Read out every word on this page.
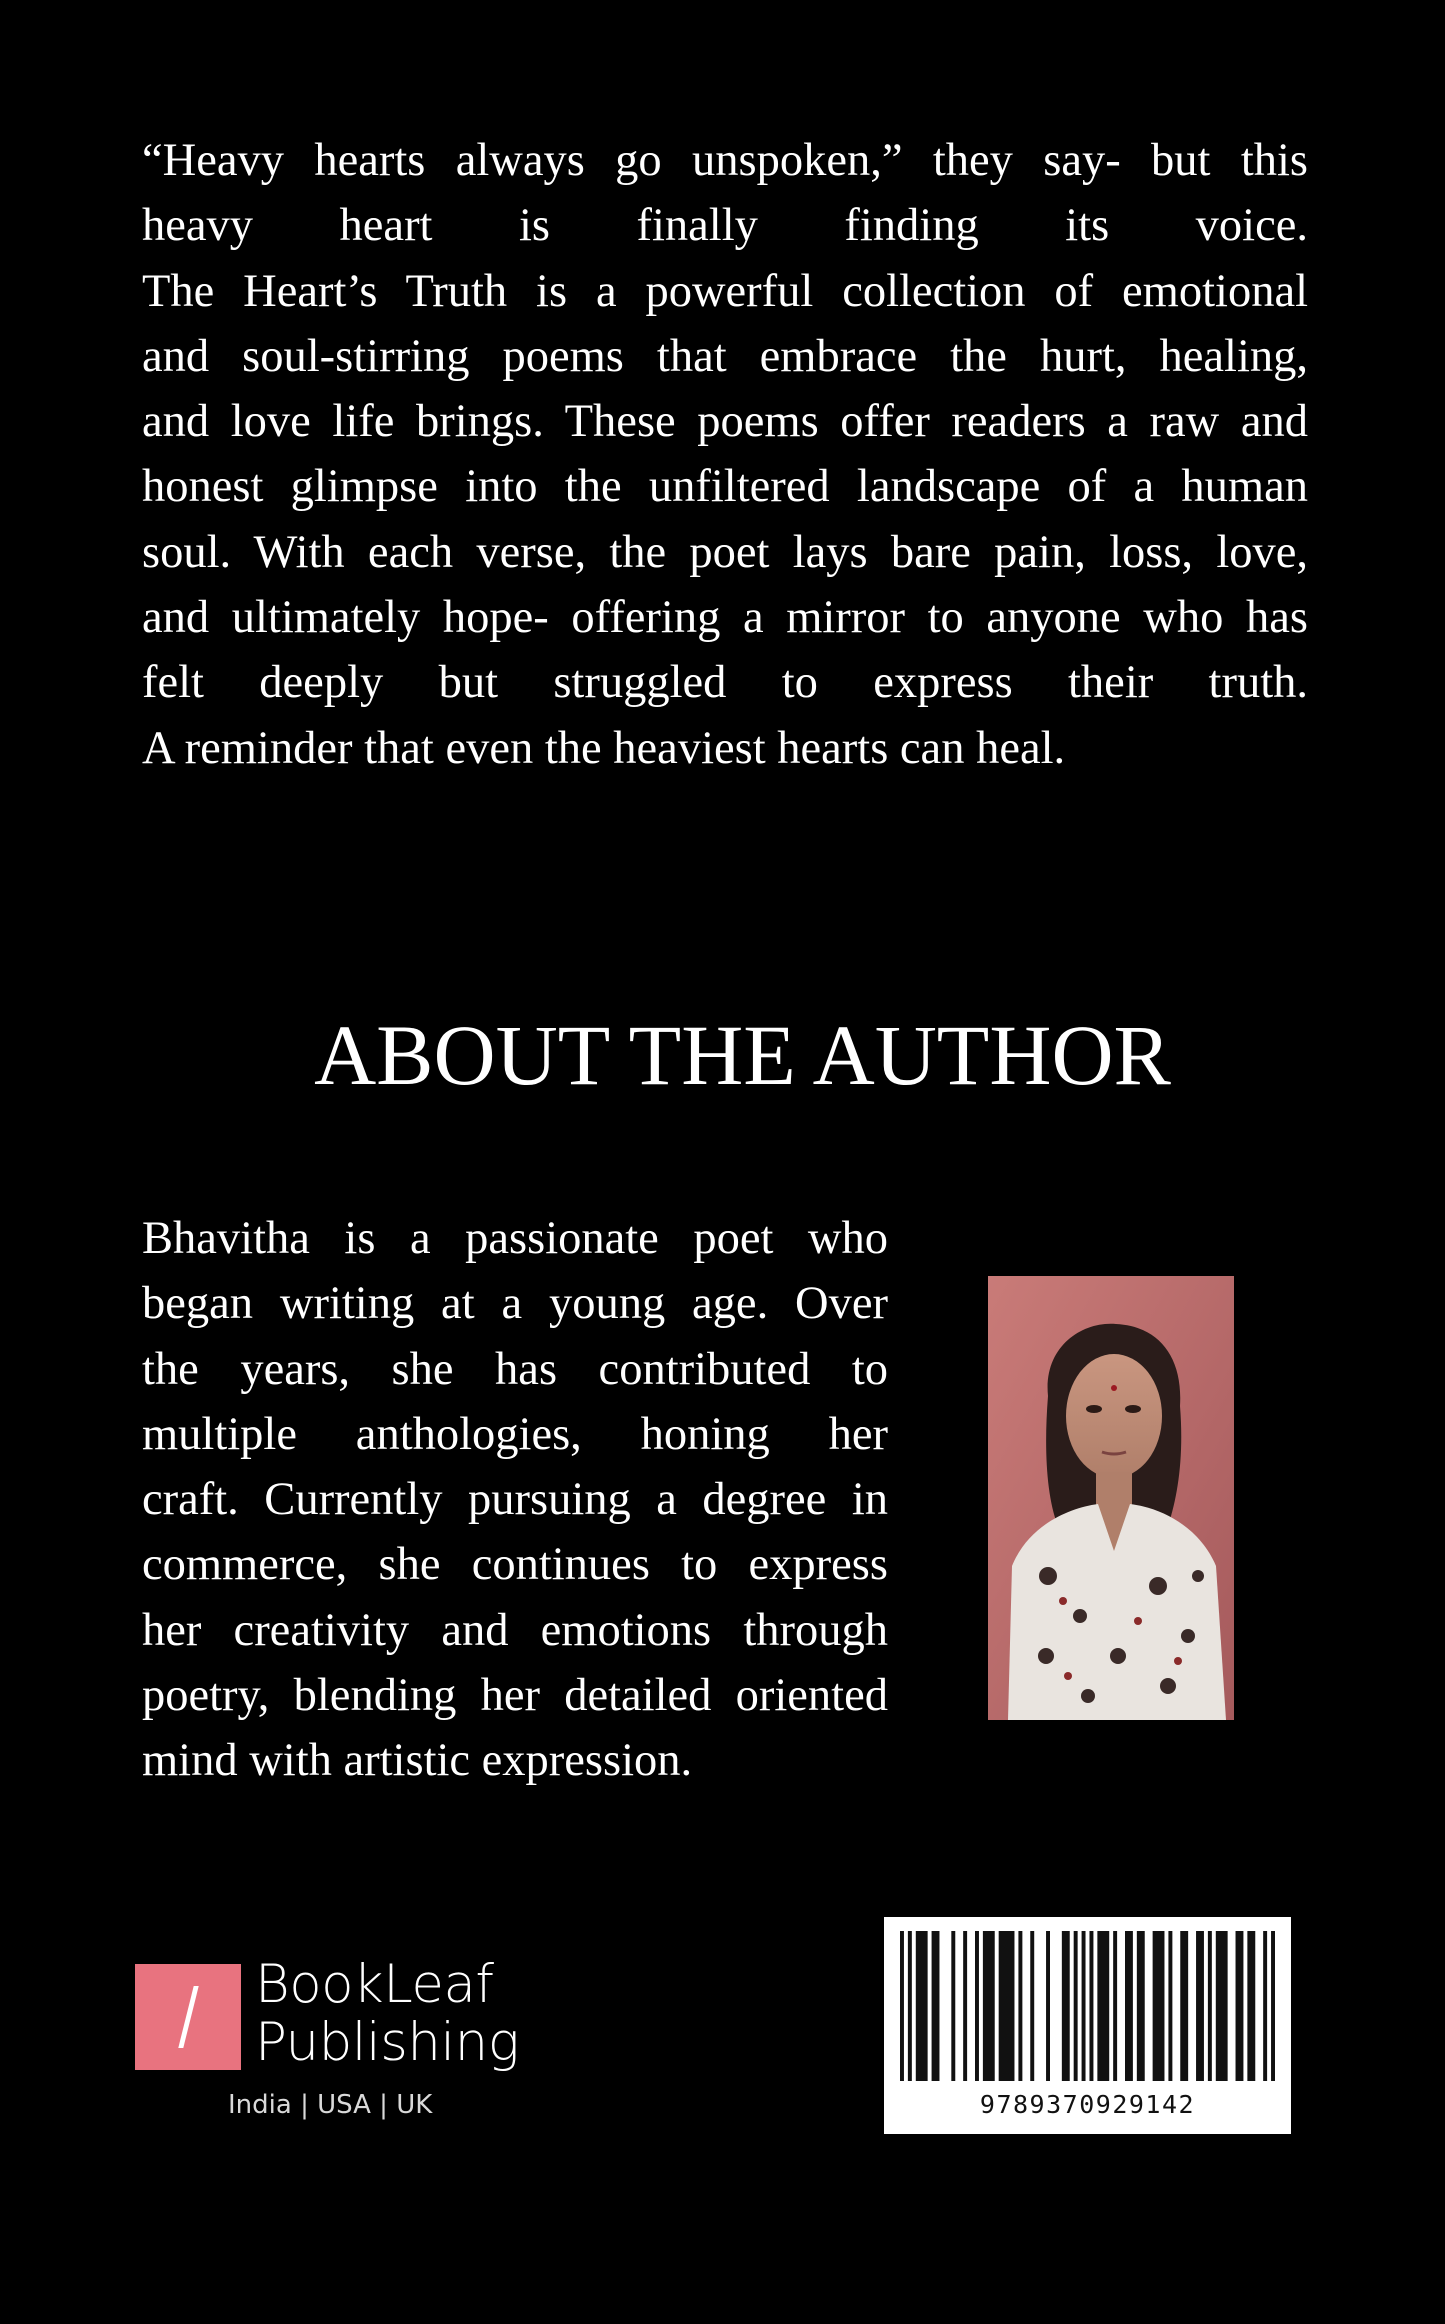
“Heavy hearts always go unspoken,” they say- but this
heavy heart is finally finding its voice.
The Heart’s Truth is a powerful collection of emotional
and soul-stirring poems that embrace the hurt, healing,
and love life brings. These poems offer readers a raw and
honest glimpse into the unfiltered landscape of a human
soul. With each verse, the poet lays bare pain, loss, love,
and ultimately hope- offering a mirror to anyone who has
felt deeply but struggled to express their truth.
A reminder that even the heaviest hearts can heal.
ABOUT THE AUTHOR
Bhavitha is a passionate poet who
began writing at a young age. Over
the years, she has contributed to
multiple anthologies, honing her
craft. Currently pursuing a degree in
commerce, she continues to express
her creativity and emotions through
poetry, blending her detailed oriented
mind with artistic expression.
BookLeaf
Publishing
India | USA | UK	9789370929142
